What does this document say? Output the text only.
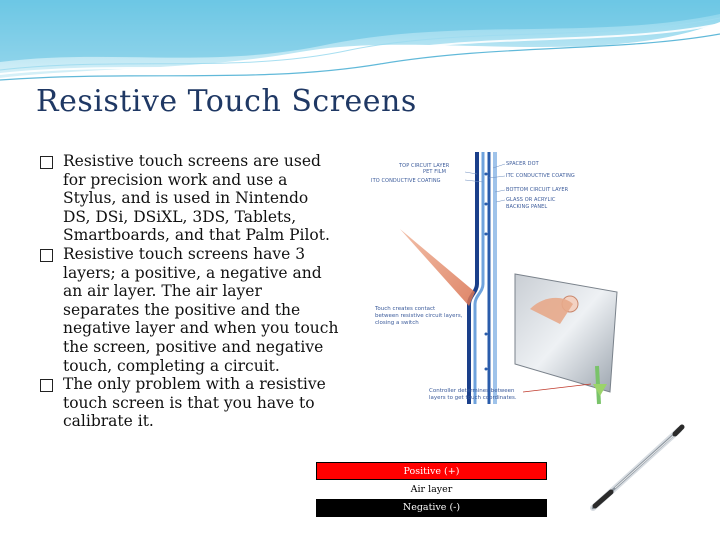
Resistive Touch Screens
Resistive touch screens are used for precision work and use a Stylus, and is used in Nintendo DS, DSi, DSiXL, 3DS, Tablets, Smartboards, and that Palm Pilot.
Resistive touch screens have 3 layers; a positive, a negative and an air layer. The air layer separates the positive and the negative layer and when you touch the screen, positive and negative touch, completing a circuit.
The only problem with a resistive touch screen is that you have to calibrate it.
PET FILM
TOP CIRCUIT LAYER
ITO CONDUCTIVE COATING
SPACER DOT
ITC CONDUCTIVE COATING
BOTTOM CIRCUIT LAYER
GLASS OR ACRYLIC
BACKING PANEL
Touch creates contact
between resistive circuit layers,
closing a switch
Controller determines between
layers to get touch coordinates.
Positive (+)
Air layer
Negative (-)
